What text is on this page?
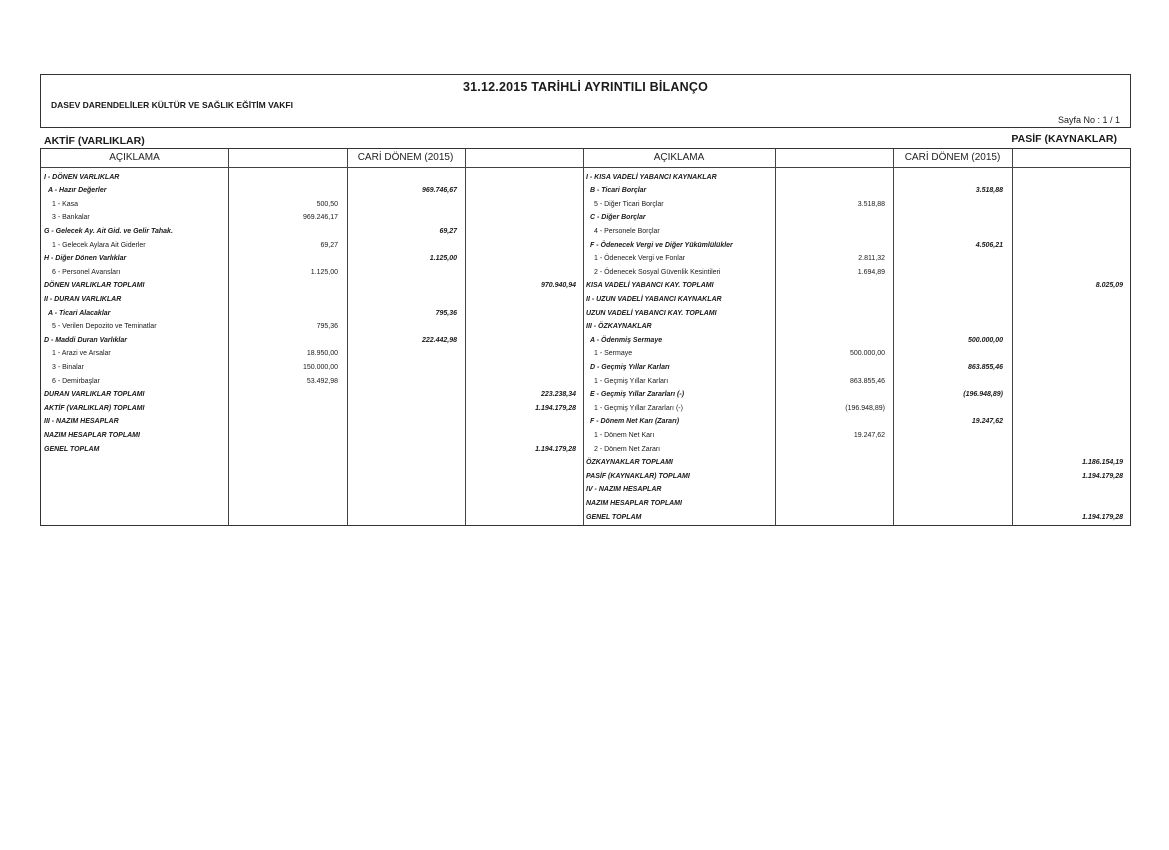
31.12.2015 TARİHLİ AYRINTILI BİLANÇO
DASEV DARENDELİLER KÜLTÜR VE SAĞLIK EĞİTİM VAKFI
Sayfa No : 1 / 1
AKTİF (VARLIKLAR)	PASİF (KAYNAKLAR)
AÇIKLAMA	CARİ DÖNEM (2015)	AÇIKLAMA	CARİ DÖNEM (2015)
I - DÖNEN VARLIKLAR
A - Hazır Değerler	969.746,67
1 - Kasa	500,50
3 - Bankalar	969.246,17
G - Gelecek Ay. Ait Gid. ve Gelir Tahak.	69,27
1 - Gelecek Aylara Ait Giderler	69,27
H - Diğer Dönen Varlıklar	1.125,00
6 - Personel Avansları	1.125,00
DÖNEN VARLIKLAR TOPLAMI	970.940,94
II - DURAN VARLIKLAR
A - Ticari Alacaklar	795,36
5 - Verilen Depozito ve Teminatlar	795,36
D - Maddi Duran Varlıklar	222.442,98
1 - Arazi ve Arsalar	18.950,00
3 - Binalar	150.000,00
6 - Demirbaşlar	53.492,98
DURAN VARLIKLAR TOPLAMI	223.238,34
AKTİF (VARLIKLAR) TOPLAMI	1.194.179,28
III - NAZIM HESAPLAR
NAZIM HESAPLAR TOPLAMI
GENEL TOPLAM	1.194.179,28
I - KISA VADELİ YABANCI KAYNAKLAR
B - Ticari Borçlar	3.518,88
5 - Diğer Ticari Borçlar	3.518,88
C - Diğer Borçlar
4 - Personele Borçlar
F - Ödenecek Vergi ve Diğer Yükümlülükler	4.506,21
1 - Ödenecek Vergi ve Fonlar	2.811,32
2 - Ödenecek Sosyal Güvenlik Kesintileri	1.694,89
KISA VADELİ YABANCI KAY. TOPLAMI	8.025,09
II - UZUN VADELİ YABANCI KAYNAKLAR
UZUN VADELİ YABANCI KAY. TOPLAMI
III - ÖZKAYNAKLAR
A - Ödenmiş Sermaye	500.000,00
1 - Sermaye	500.000,00
D - Geçmiş Yıllar Karları	863.855,46
1 - Geçmiş Yıllar Karları	863.855,46
E - Geçmiş Yıllar Zararları (-)	(196.948,89)
1 - Geçmiş Yıllar Zararları (-)	(196.948,89)
F - Dönem Net Karı (Zararı)	19.247,62
1 - Dönem Net Karı	19.247,62
2 - Dönem Net Zararı
ÖZKAYNAKLAR TOPLAMI	1.186.154,19
PASİF (KAYNAKLAR) TOPLAMI	1.194.179,28
IV - NAZIM HESAPLAR
NAZIM HESAPLAR TOPLAMI
GENEL TOPLAM	1.194.179,28
